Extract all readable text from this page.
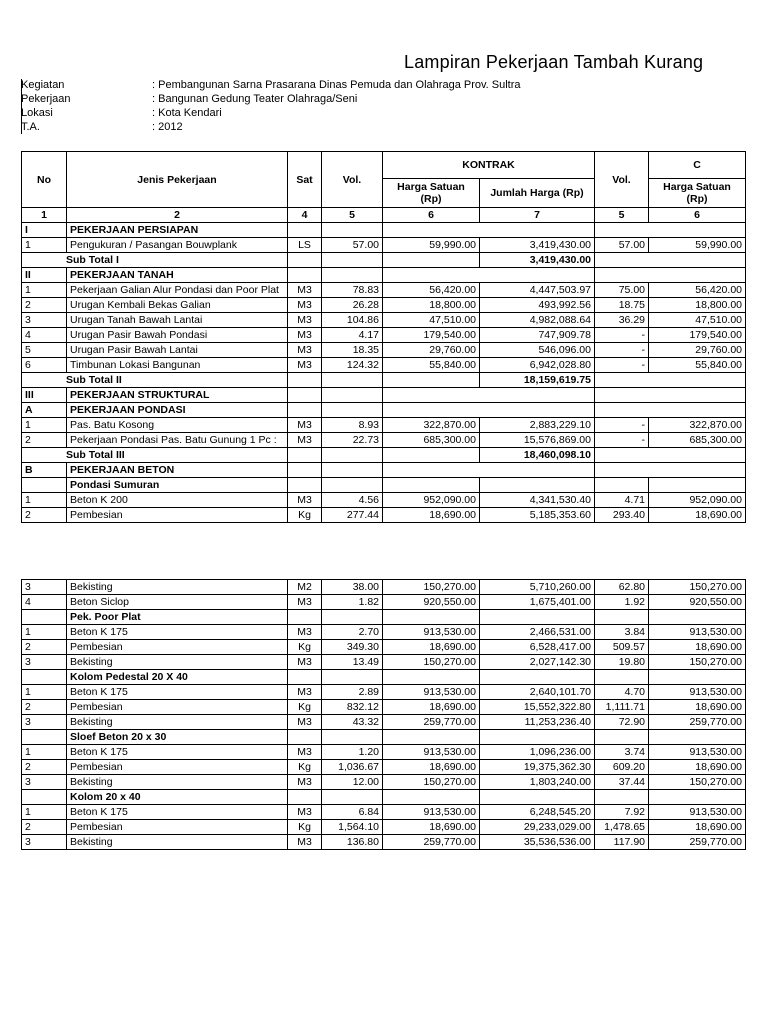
Lampiran Pekerjaan Tambah Kurang
Kegiatan	: Pembangunan Sarna Prasarana Dinas Pemuda dan Olahraga Prov. Sultra
Pekerjaan	: Bangunan Gedung Teater Olahraga/Seni
Lokasi	: Kota Kendari
T.A.	: 2012
No	Jenis Pekerjaan	Sat	Vol.	KONTRAK		Vol.	C
				Harga Satuan (Rp)	Jumlah Harga (Rp)		Harga Satuan (Rp)
1	2	4	5	6	7	5	6
I	PEKERJAAN PERSIAPAN						
1	Pengukuran / Pasangan Bouwplank	LS	57.00	59,990.00	3,419,430.00	57.00	59,990.00
Sub Total I					3,419,430.00		
II	PEKERJAAN TANAH						
1	Pekerjaan Galian Alur Pondasi dan Poor Plat	M3	78.83	56,420.00	4,447,503.97	75.00	56,420.00
2	Urugan Kembali Bekas Galian	M3	26.28	18,800.00	493,992.56	18.75	18,800.00
3	Urugan Tanah Bawah Lantai	M3	104.86	47,510.00	4,982,088.64	36.29	47,510.00
4	Urugan Pasir Bawah Pondasi	M3	4.17	179,540.00	747,909.78	-	179,540.00
5	Urugan Pasir Bawah Lantai	M3	18.35	29,760.00	546,096.00	-	29,760.00
6	Timbunan Lokasi Bangunan	M3	124.32	55,840.00	6,942,028.80	-	55,840.00
Sub Total II					18,159,619.75		
III	PEKERJAAN STRUKTURAL						
A	PEKERJAAN PONDASI						
1	Pas. Batu Kosong	M3	8.93	322,870.00	2,883,229.10	-	322,870.00
2	Pekerjaan Pondasi Pas. Batu Gunung 1 Pc :	M3	22.73	685,300.00	15,576,869.00	-	685,300.00
Sub Total III					18,460,098.10		
B	PEKERJAAN BETON						
	Pondasi Sumuran						
1	Beton K 200	M3	4.56	952,090.00	4,341,530.40	4.71	952,090.00
2	Pembesian	Kg	277.44	18,690.00	5,185,353.60	293.40	18,690.00
3	Bekisting	M2	38.00	150,270.00	5,710,260.00	62.80	150,270.00
4	Beton Siclop	M3	1.82	920,550.00	1,675,401.00	1.92	920,550.00
	Pek. Poor Plat						
1	Beton K 175	M3	2.70	913,530.00	2,466,531.00	3.84	913,530.00
2	Pembesian	Kg	349.30	18,690.00	6,528,417.00	509.57	18,690.00
3	Bekisting	M3	13.49	150,270.00	2,027,142.30	19.80	150,270.00
	Kolom Pedestal 20 X 40						
1	Beton K 175	M3	2.89	913,530.00	2,640,101.70	4.70	913,530.00
2	Pembesian	Kg	832.12	18,690.00	15,552,322.80	1,111.71	18,690.00
3	Bekisting	M3	43.32	259,770.00	11,253,236.40	72.90	259,770.00
	Sloef Beton 20 x 30						
1	Beton K 175	M3	1.20	913,530.00	1,096,236.00	3.74	913,530.00
2	Pembesian	Kg	1,036.67	18,690.00	19,375,362.30	609.20	18,690.00
3	Bekisting	M3	12.00	150,270.00	1,803,240.00	37.44	150,270.00
	Kolom 20 x 40						
1	Beton K 175	M3	6.84	913,530.00	6,248,545.20	7.92	913,530.00
2	Pembesian	Kg	1,564.10	18,690.00	29,233,029.00	1,478.65	18,690.00
3	Bekisting	M3	136.80	259,770.00	35,536,536.00	117.90	259,770.00
